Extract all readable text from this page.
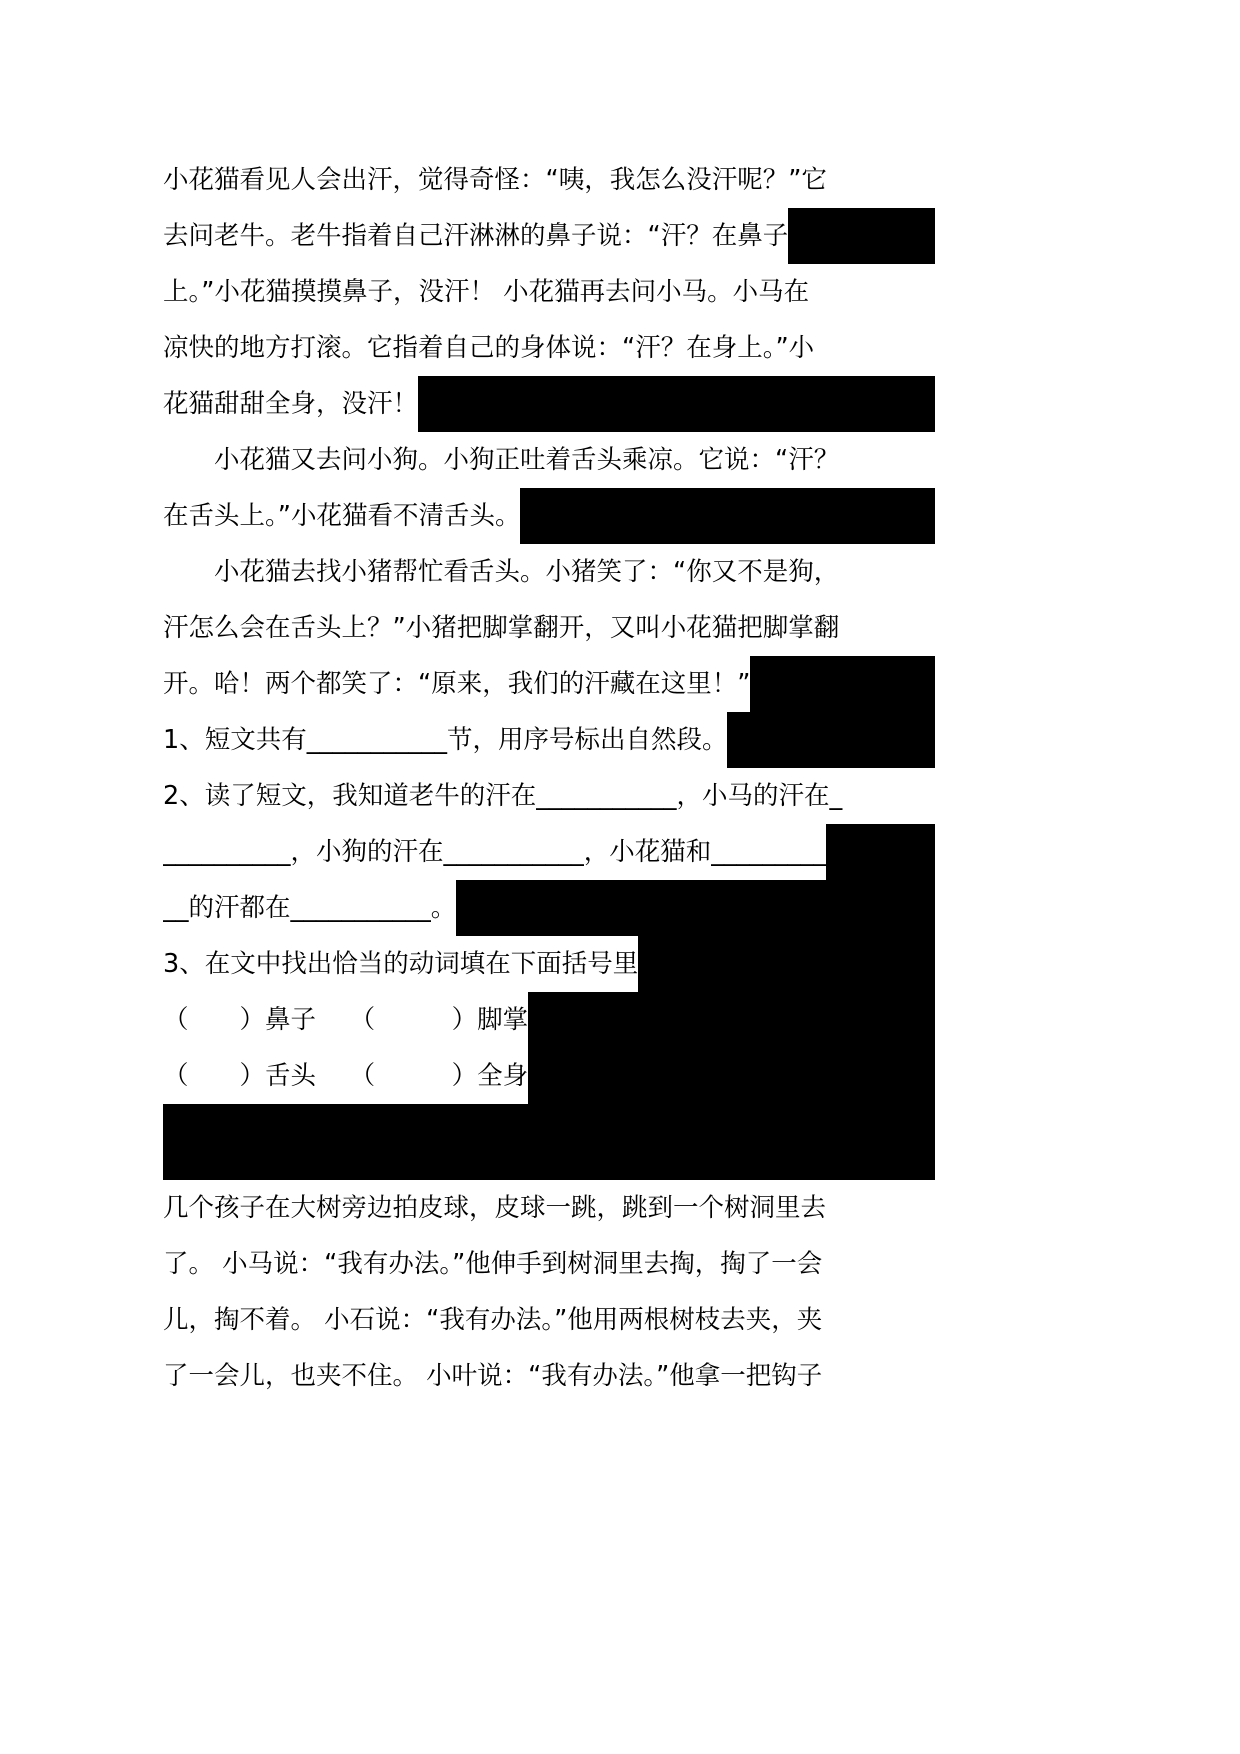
小花猫看见人会出汗，觉得奇怪：“咦，我怎么没汗呢？”它
去问老牛。老牛指着自己汗淋淋的鼻子说：“汗？在鼻子
上。”小花猫摸摸鼻子，没汗！ 小花猫再去问小马。小马在
凉快的地方打滚。它指着自己的身体说：“汗？在身上。”小
花猫甜甜全身，没汗！
　　小花猫又去问小狗。小狗正吐着舌头乘凉。它说：“汗？
在舌头上。”小花猫看不清舌头。
　　小花猫去找小猪帮忙看舌头。小猪笑了：“你又不是狗，
汗怎么会在舌头上？”小猪把脚掌翻开，又叫小花猫把脚掌翻
开。哈！两个都笑了：“原来，我们的汗藏在这里！”
1、短文共有___________节，用序号标出自然段。
2、读了短文，我知道老牛的汗在___________，小马的汗在_
__________，小狗的汗在___________，小花猫和_________
__的汗都在___________。
3、在文中找出恰当的动词填在下面括号里
（　　）鼻子　 （　　　）脚掌
（　　）舌头　 （　　　）全身
几个孩子在大树旁边拍皮球，皮球一跳，跳到一个树洞里去
了。 小马说：“我有办法。”他伸手到树洞里去掏，掏了一会
儿，掏不着。 小石说：“我有办法。”他用两根树枝去夹，夹
了一会儿，也夹不住。 小叶说：“我有办法。”他拿一把钩子
